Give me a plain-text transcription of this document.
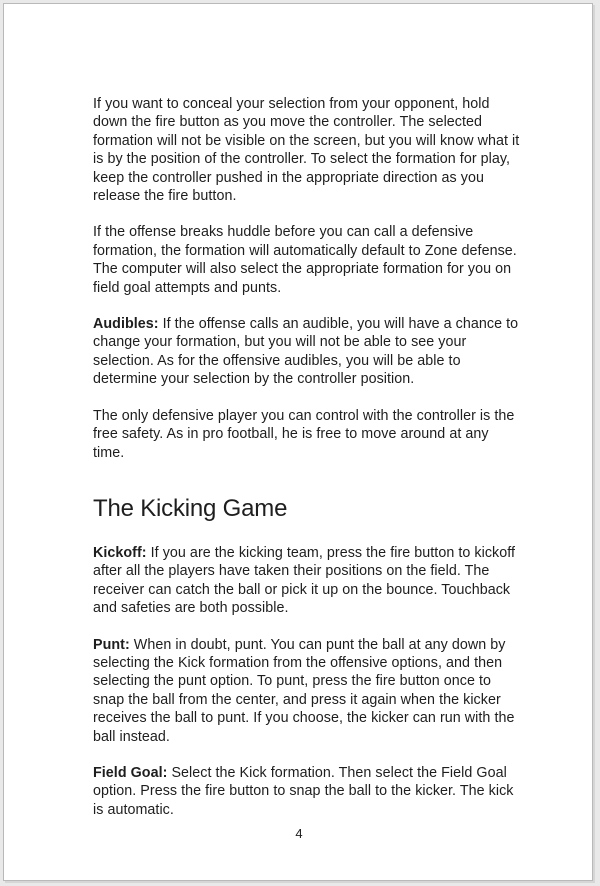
If you want to conceal your selection from your opponent, hold down the fire button as you move the controller. The selected formation will not be visible on the screen, but you will know what it is by the position of the controller. To select the formation for play, keep the controller pushed in the appropriate direction as you release the fire button.

If the offense breaks huddle before you can call a defensive formation, the formation will automatically default to Zone defense. The computer will also select the appropriate formation for you on field goal attempts and punts.

Audibles: If the offense calls an audible, you will have a chance to change your formation, but you will not be able to see your selection. As for the offensive audibles, you will be able to determine your selection by the controller position.

The only defensive player you can control with the controller is the free safety. As in pro football, he is free to move around at any time.

The Kicking Game

Kickoff: If you are the kicking team, press the fire button to kickoff after all the players have taken their positions on the field. The receiver can catch the ball or pick it up on the bounce. Touchback and safeties are both possible.

Punt: When in doubt, punt. You can punt the ball at any down by selecting the Kick formation from the offensive options, and then selecting the punt option. To punt, press the fire button once to snap the ball from the center, and press it again when the kicker receives the ball to punt. If you choose, the kicker can run with the ball instead.

Field Goal: Select the Kick formation. Then select the Field Goal option. Press the fire button to snap the ball to the kicker. The kick is automatic.

4
